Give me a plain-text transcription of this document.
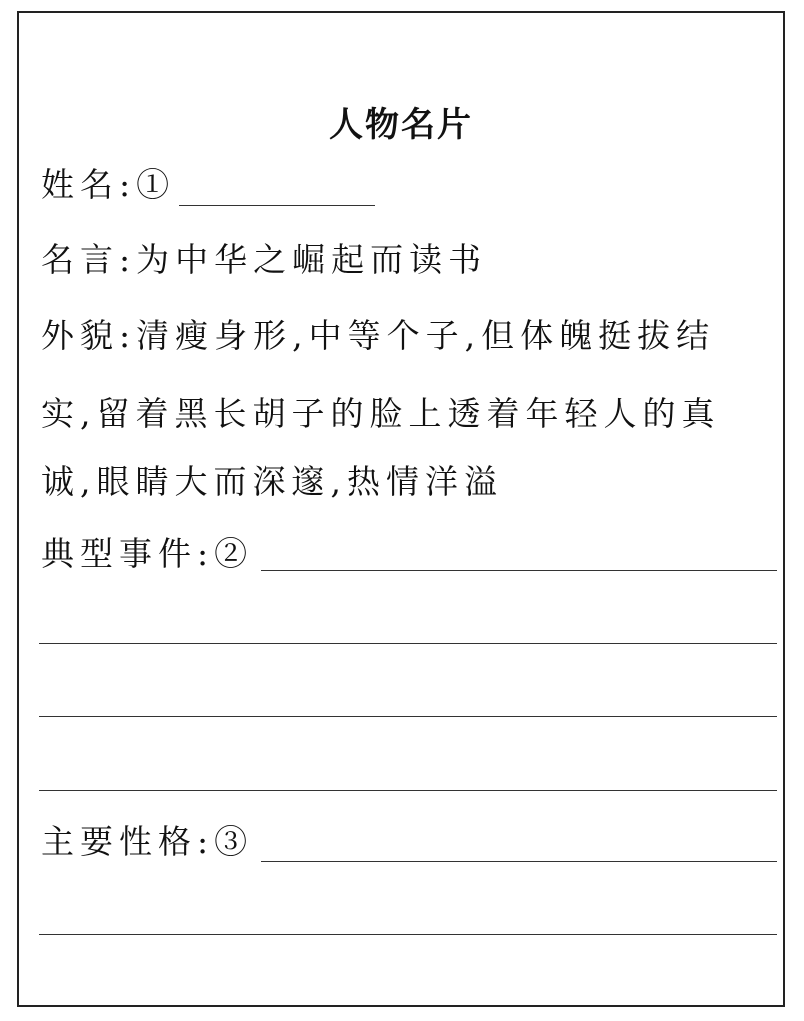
人物名片
姓名:①
名言:为中华之崛起而读书
外貌:清瘦身形,中等个子,但体魄挺拔结
实,留着黑长胡子的脸上透着年轻人的真
诚,眼睛大而深邃,热情洋溢
典型事件:②
主要性格:③
